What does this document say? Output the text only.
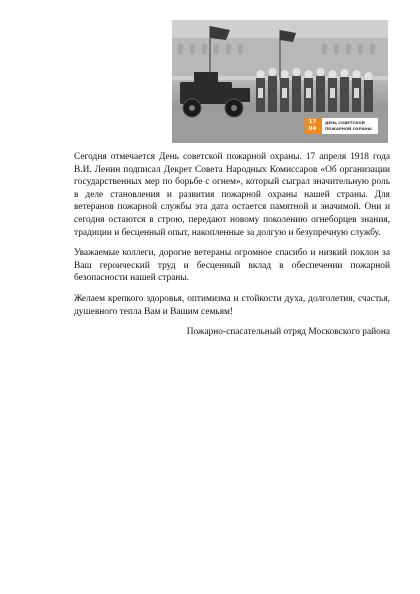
17
04
ДЕНЬ СОВЕТСКОЙ
ПОЖАРНОЙ ОХРАНЫ

Сегодня отмечается День советской пожарной охраны. 17 апреля 1918 года В.И. Ленин подписал Декрет Совета Народных Комиссаров «Об организации государственных мер по борьбе с огнем», который сыграл значительную роль в деле становления и развития пожарной охраны нашей страны. Для ветеранов пожарной службы эта дата остается памятной и значимой. Они и сегодня остаются в строю, передают новому поколению огнеборцев знания, традиции и бесценный опыт, накопленные за долгую и безупречную службу.

Уважаемые коллеги, дорогие ветераны огромное спасибо и низкий поклон за Ваш героический труд и бесценный вклад в обеспечении пожарной безопасности нашей страны.

Желаем крепкого здоровья, оптимизма и стойкости духа, долголетия, счастья, душевного тепла Вам и Вашим семьям!

Пожарно-спасательный отряд Московского района
